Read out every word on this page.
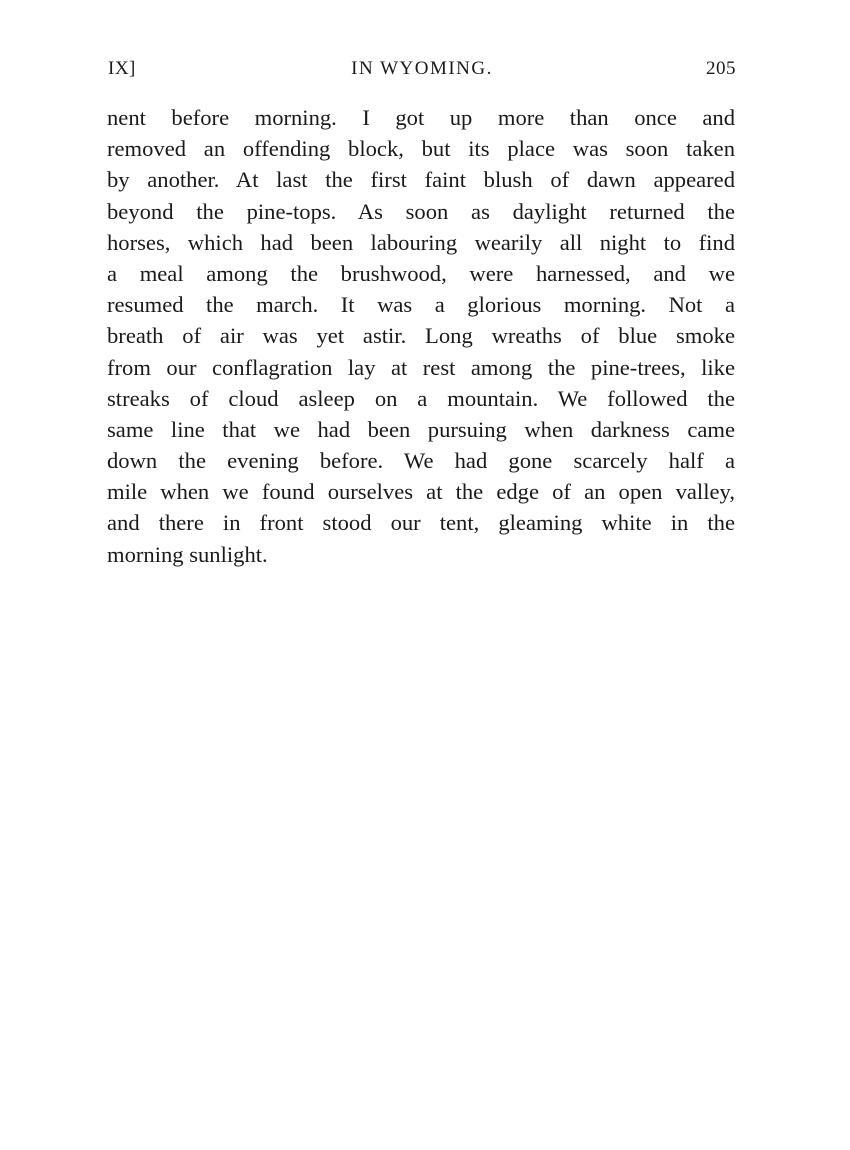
IX]	IN WYOMING.	205
nent before morning. I got up more than once and
removed an offending block, but its place was soon taken
by another. At last the first faint blush of dawn appeared
beyond the pine-tops. As soon as daylight returned the
horses, which had been labouring wearily all night to find
a meal among the brushwood, were harnessed, and we
resumed the march. It was a glorious morning. Not a
breath of air was yet astir. Long wreaths of blue smoke
from our conflagration lay at rest among the pine-trees, like
streaks of cloud asleep on a mountain. We followed the
same line that we had been pursuing when darkness came
down the evening before. We had gone scarcely half a
mile when we found ourselves at the edge of an open valley,
and there in front stood our tent, gleaming white in the
morning sunlight.
